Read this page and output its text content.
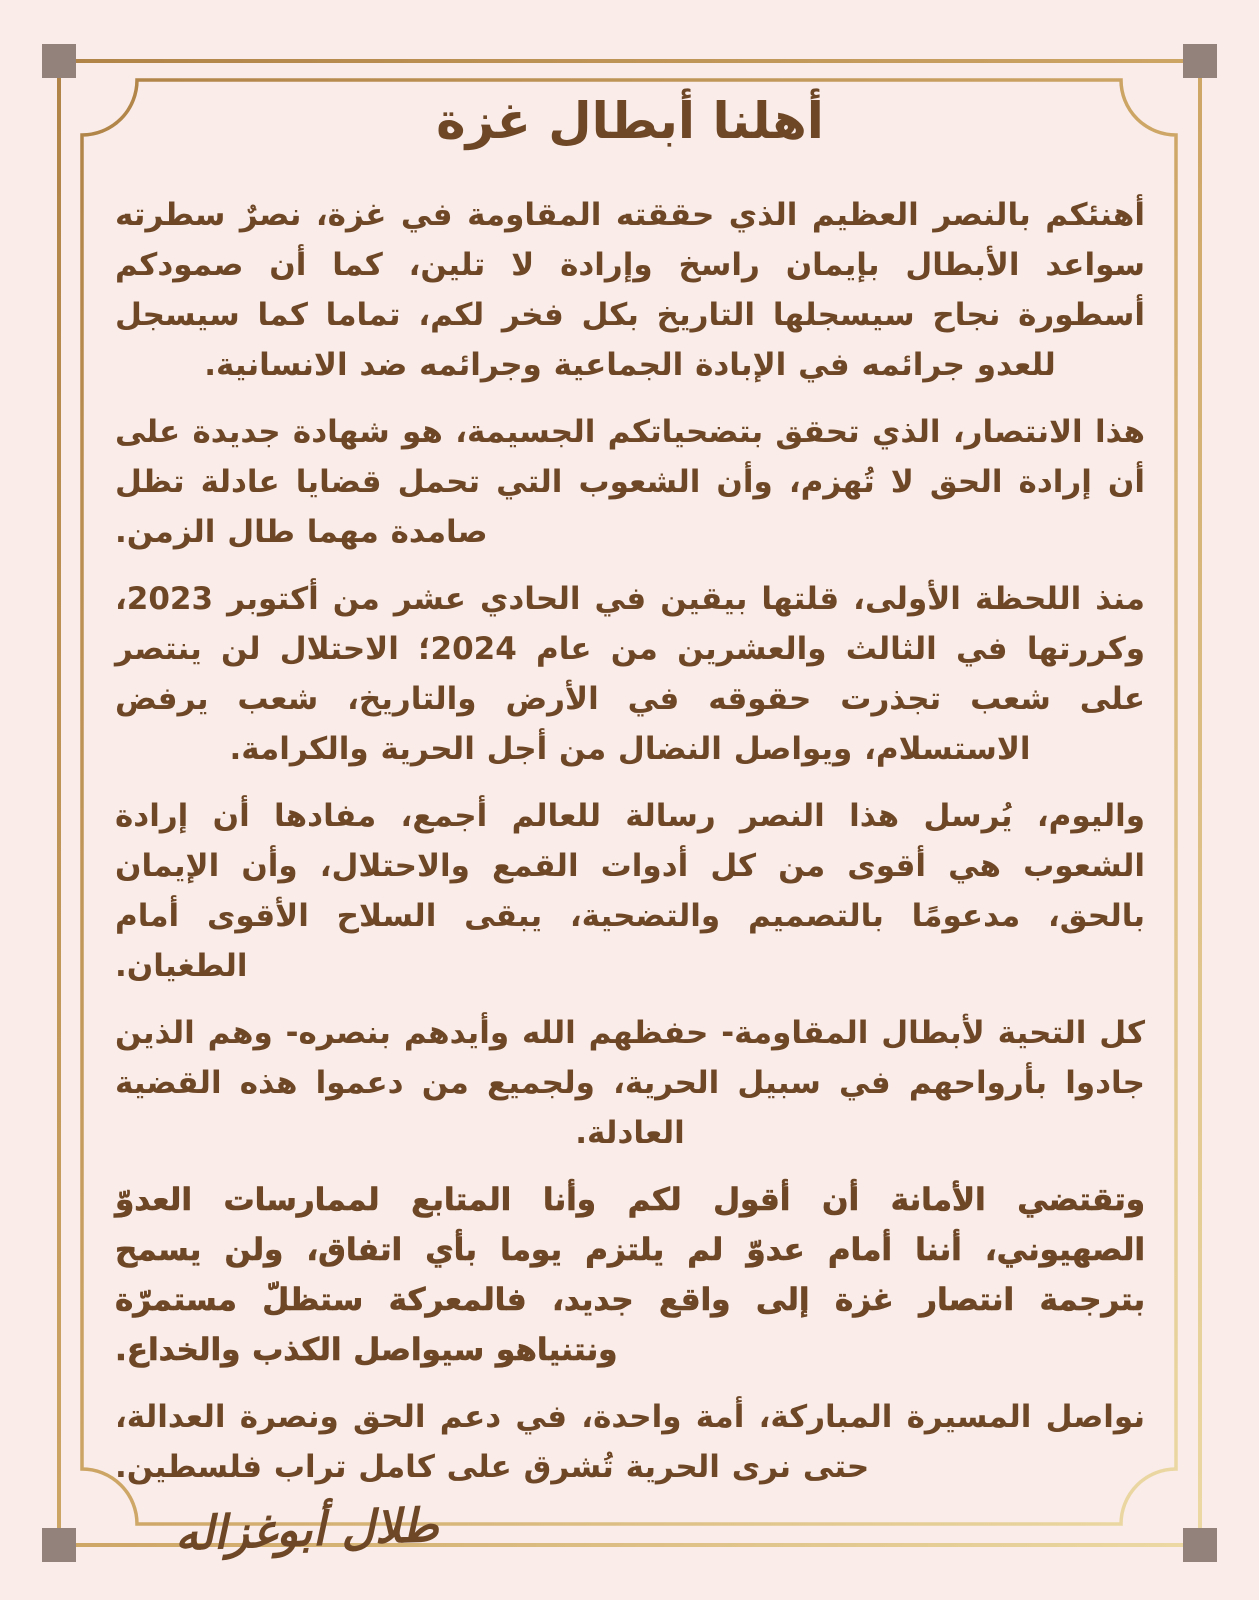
أهلنا أبطال غزة

أهنئكم بالنصر العظيم الذي حققته المقاومة في غزة، نصرٌ سطرته سواعد الأبطال بإيمان راسخ وإرادة لا تلين، كما أن صمودكم أسطورة نجاح سيسجلها التاريخ بكل فخر لكم، تماما كما سيسجل للعدو جرائمه في الإبادة الجماعية وجرائمه ضد الانسانية.

هذا الانتصار، الذي تحقق بتضحياتكم الجسيمة، هو شهادة جديدة على أن إرادة الحق لا تُهزم، وأن الشعوب التي تحمل قضايا عادلة تظل صامدة مهما طال الزمن.

منذ اللحظة الأولى، قلتها بيقين في الحادي عشر من أكتوبر 2023، وكررتها في الثالث والعشرين من عام 2024؛ الاحتلال لن ينتصر على شعب تجذرت حقوقه في الأرض والتاريخ، شعب يرفض الاستسلام، ويواصل النضال من أجل الحرية والكرامة.

واليوم، يُرسل هذا النصر رسالة للعالم أجمع، مفادها أن إرادة الشعوب هي أقوى من كل أدوات القمع والاحتلال، وأن الإيمان بالحق، مدعومًا بالتصميم والتضحية، يبقى السلاح الأقوى أمام الطغيان.

كل التحية لأبطال المقاومة- حفظهم الله وأيدهم بنصره- وهم الذين جادوا بأرواحهم في سبيل الحرية، ولجميع من دعموا هذه القضية العادلة.

وتقتضي الأمانة أن أقول لكم وأنا المتابع لممارسات العدوّ الصهيوني، أننا أمام عدوّ لم يلتزم يوما بأي اتفاق، ولن يسمح بترجمة انتصار غزة إلى واقع جديد، فالمعركة ستظلّ مستمرّة ونتنياهو سيواصل الكذب والخداع.

نواصل المسيرة المباركة، أمة واحدة، في دعم الحق ونصرة العدالة، حتى نرى الحرية تُشرق على كامل تراب فلسطين.

طلال أبوغزاله
